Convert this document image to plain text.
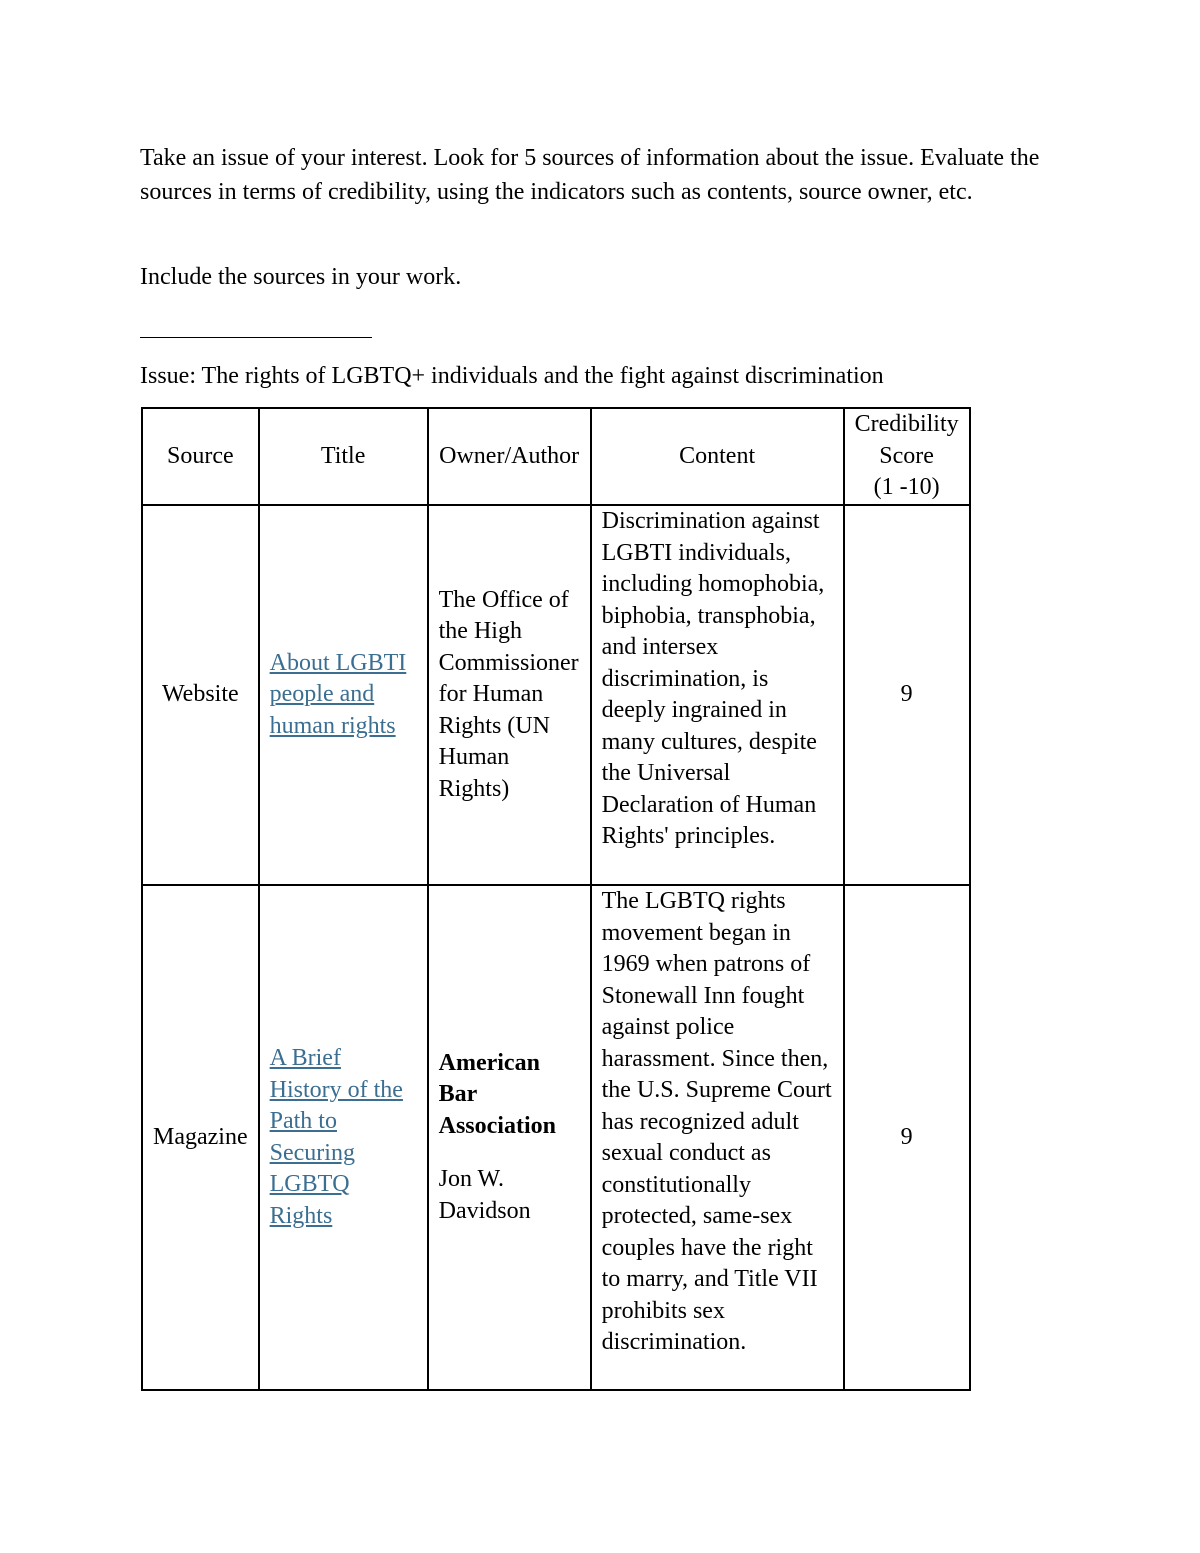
Take an issue of your interest. Look for 5 sources of information about the issue. Evaluate the sources in terms of credibility, using the indicators such as contents, source owner, etc.

Include the sources in your work.

Issue: The rights of LGBTQ+ individuals and the fight against discrimination

Source	Title	Owner/Author	Content	Credibility
Score
(1 -10)
Website	About LGBTI people and human rights	The Office of the High Commissioner for Human Rights (UN Human Rights)	Discrimination against LGBTI individuals, including homophobia, biphobia, transphobia, and intersex discrimination, is deeply ingrained in many cultures, despite the Universal Declaration of Human Rights' principles.	9
Magazine	A Brief History of the Path to Securing LGBTQ Rights	American Bar Association
Jon W. Davidson	The LGBTQ rights movement began in 1969 when patrons of Stonewall Inn fought against police harassment. Since then, the U.S. Supreme Court has recognized adult sexual conduct as constitutionally protected, same-sex couples have the right to marry, and Title VII prohibits sex discrimination.	9
